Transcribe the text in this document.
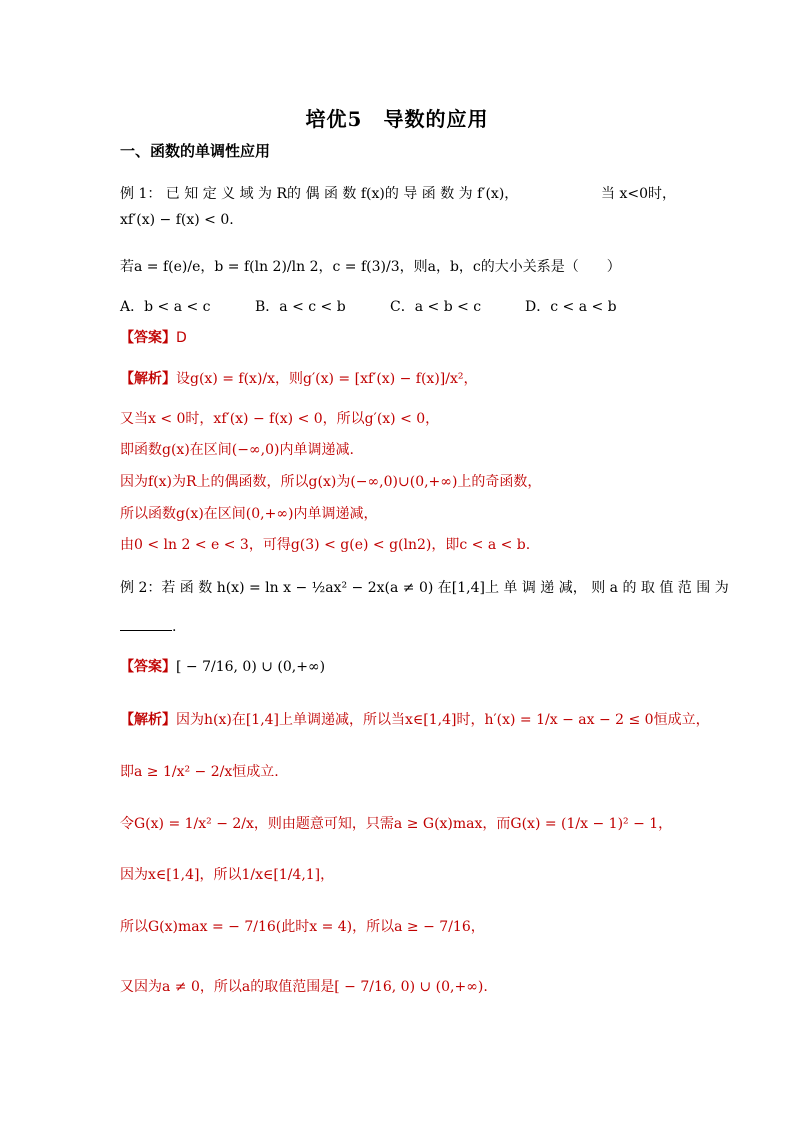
培优5　导数的应用
一、函数的单调性应用
例 1： 已 知 定 义 域 为 R的 偶 函 数 f(x)的 导 函 数 为 f′(x)，	当 x<0时，
xf′(x) − f(x) < 0.
若a = f(e)/e，b = f(ln 2)/ln 2，c = f(3)/3，则a，b，c的大小关系是（　　）
A．b < a < c	B．a < c < b	C．a < b < c	D．c < a < b
【答案】D
【解析】设g(x) = f(x)/x，则g′(x) = [xf′(x) − f(x)]/x²，
又当x < 0时，xf′(x) − f(x) < 0，所以g′(x) < 0，
即函数g(x)在区间(−∞,0)内单调递减.
因为f(x)为R上的偶函数，所以g(x)为(−∞,0)∪(0,+∞)上的奇函数，
所以函数g(x)在区间(0,+∞)内单调递减，
由0 < ln 2 < e < 3，可得g(3) < g(e) < g(ln2)，即c < a < b.
例 2：若 函 数 h(x) = ln x − ½ax² − 2x(a ≠ 0) 在[1,4] 上 单 调 递 减， 则 a 的 取 值 范 围 为
.
【答案】[ − 7/16, 0) ∪ (0,+∞)
【解析】因为h(x)在[1,4]上单调递减，所以当x∈[1,4]时，h′(x) = 1/x − ax − 2 ≤ 0恒成立，
即a ≥ 1/x² − 2/x恒成立.
令G(x) = 1/x² − 2/x，则由题意可知，只需a ≥ G(x)max，而G(x) = (1/x − 1)² − 1，
因为x∈[1,4]，所以1/x∈[1/4,1]，
所以G(x)max = − 7/16(此时x = 4)，所以a ≥ − 7/16，
又因为a ≠ 0，所以a的取值范围是[ − 7/16, 0) ∪ (0,+∞).
